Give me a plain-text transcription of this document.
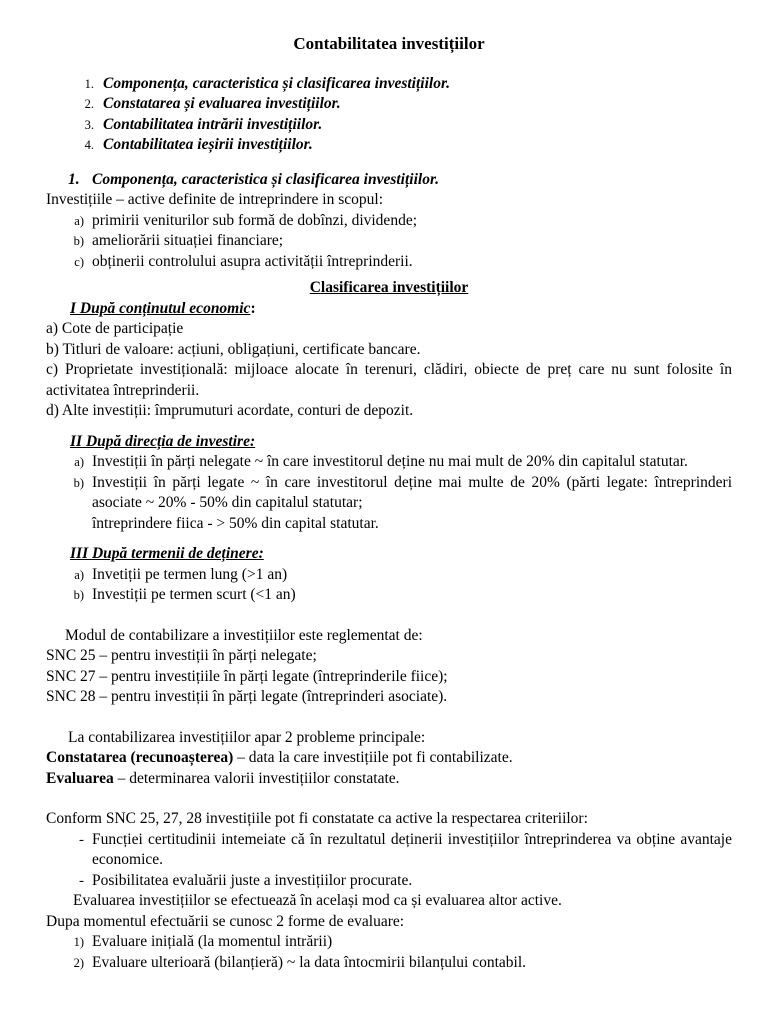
Contabilitatea investițiilor
1. Componența, caracteristica și clasificarea investițiilor.
2. Constatarea și evaluarea investițiilor.
3. Contabilitatea intrării investițiilor.
4. Contabilitatea ieșirii investițiilor.
1. Componența, caracteristica și clasificarea investițiilor.

Investițiile – active definite de intreprindere in scopul:

a) primirii veniturilor sub formă de dobînzi, dividende;
b) ameliorării situației financiare;
c) obținerii controlului asupra activității întreprinderii.
Clasificarea investițiilor
I După conținutul economic:

a) Cote de participație

b) Titluri de valoare: acțiuni, obligațiuni, certificate bancare.

c) Proprietate investițională: mijloace alocate în terenuri, clădiri, obiecte de preț care nu sunt folosite în activitatea întreprinderii.

d) Alte investiții: împrumuturi acordate, conturi de depozit.

II După direcția de investire:
a) Investiții în părți nelegate ~ în care investitorul deține nu mai mult de 20% din capitalul statutar.
b) Investiții în părți legate ~ în care investitorul deține mai multe de 20% (părti legate: întreprinderi asociate ~ 20% - 50% din capitalul statutar;

întreprindere fiica - > 50% din capital statutar.

III După termenii de deținere:
a) Invetiții pe termen lung (>1 an)
b) Investiții pe termen scurt (<1 an)

Modul de contabilizare a investițiilor este reglementat de:

SNC 25 – pentru investiții în părți nelegate;

SNC 27 – pentru investițiile în părți legate (întreprinderile fiice);

SNC 28 – pentru investiții în părți legate (întreprinderi asociate).

La contabilizarea investițiilor apar 2 probleme principale:

Constatarea (recunoașterea) – data la care investițiile pot fi contabilizate.

Evaluarea – determinarea valorii investițiilor constatate.

Conform SNC 25, 27, 28 investițiile pot fi constatate ca active la respectarea criteriilor:

- Funcției certitudinii intemeiate că în rezultatul deținerii investițiilor întreprinderea va obține avantaje economice.
- Posibilitatea evaluării juste a investițiilor procurate.

Evaluarea investițiilor se efectuează în același mod ca și evaluarea altor active.

Dupa momentul efectuării se cunosc 2 forme de evaluare:

1) Evaluare inițială (la momentul intrării)
2) Evaluare ulterioară (bilanțieră) ~ la data întocmirii bilanțului contabil.
